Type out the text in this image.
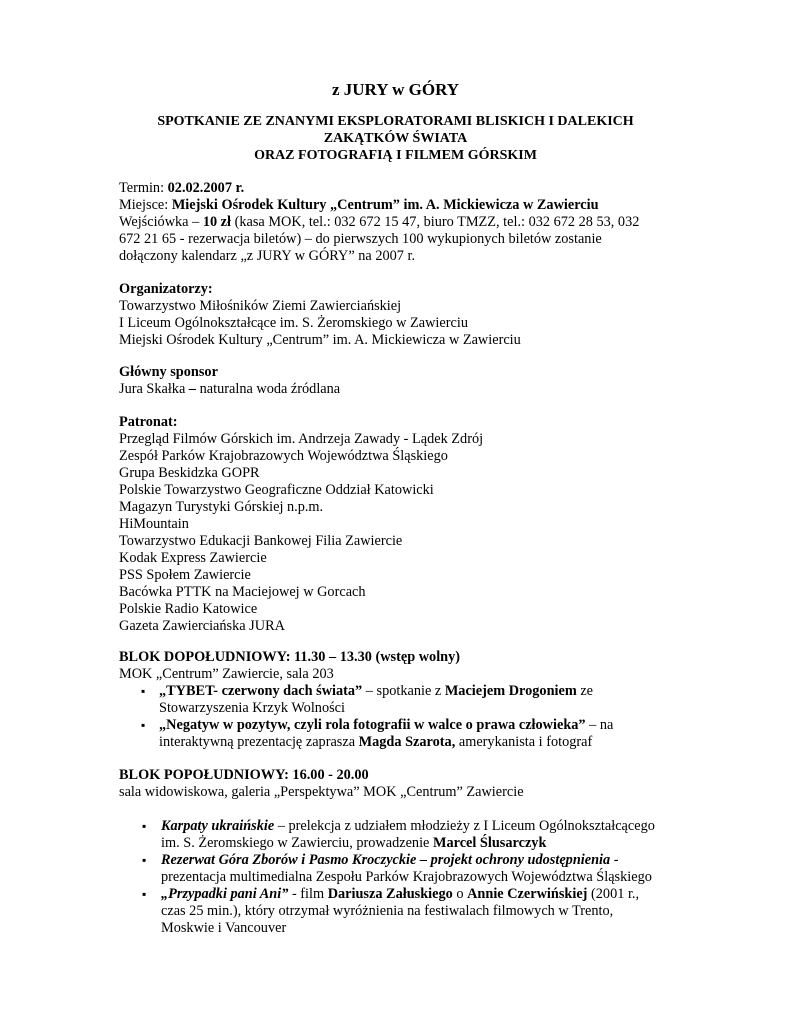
z JURY w GÓRY
SPOTKANIE ZE ZNANYMI EKSPLORATORAMI BLISKICH I DALEKICH
ZAKĄTKÓW ŚWIATA
ORAZ FOTOGRAFIĄ I FILMEM GÓRSKIM

Termin: 02.02.2007 r.

Miejsce: Miejski Ośrodek Kultury „Centrum” im. A. Mickiewicza w Zawierciu

Wejściówka – 10 zł (kasa MOK, tel.: 032 672 15 47, biuro TMZZ, tel.: 032 672 28 53, 032

672 21 65 - rezerwacja biletów) – do pierwszych 100 wykupionych biletów zostanie

dołączony kalendarz „z JURY w GÓRY” na 2007 r.

Organizatorzy:

Towarzystwo Miłośników Ziemi Zawierciańskiej

I Liceum Ogólnokształcące im. S. Żeromskiego w Zawierciu

Miejski Ośrodek Kultury „Centrum” im. A. Mickiewicza w Zawierciu

Główny sponsor

Jura Skałka – naturalna woda źródlana

Patronat:

Przegląd Filmów Górskich im. Andrzeja Zawady - Lądek Zdrój

Zespół Parków Krajobrazowych Województwa Śląskiego

Grupa Beskidzka GOPR

Polskie Towarzystwo Geograficzne Oddział Katowicki

Magazyn Turystyki Górskiej n.p.m.

HiMountain

Towarzystwo Edukacji Bankowej Filia Zawiercie

Kodak Express Zawiercie

PSS Społem Zawiercie

Bacówka PTTK na Maciejowej w Gorcach

Polskie Radio Katowice

Gazeta Zawierciańska JURA

BLOK DOPOŁUDNIOWY: 11.30 – 13.30 (wstęp wolny)

MOK „Centrum” Zawiercie, sala 203

▪ „TYBET- czerwony dach świata” – spotkanie z Maciejem Drogoniem ze
Stowarzyszenia Krzyk Wolności
▪ „Negatyw w pozytyw, czyli rola fotografii w walce o prawa człowieka” – na
interaktywną prezentację zaprasza Magda Szarota, amerykanista i fotograf

BLOK POPOŁUDNIOWY: 16.00 - 20.00

sala widowiskowa, galeria „Perspektywa” MOK „Centrum” Zawiercie

▪ Karpaty ukraińskie – prelekcja z udziałem młodzieży z I Liceum Ogólnokształcącego
im. S. Żeromskiego w Zawierciu, prowadzenie Marcel Ślusarczyk
▪ Rezerwat Góra Zborów i Pasmo Kroczyckie – projekt ochrony udostępnienia -
prezentacja multimedialna Zespołu Parków Krajobrazowych Województwa Śląskiego
▪ „Przypadki pani Ani” - film Dariusza Załuskiego o Annie Czerwińskiej (2001 r.,
czas 25 min.), który otrzymał wyróżnienia na festiwalach filmowych w Trento,
Moskwie i Vancouver
